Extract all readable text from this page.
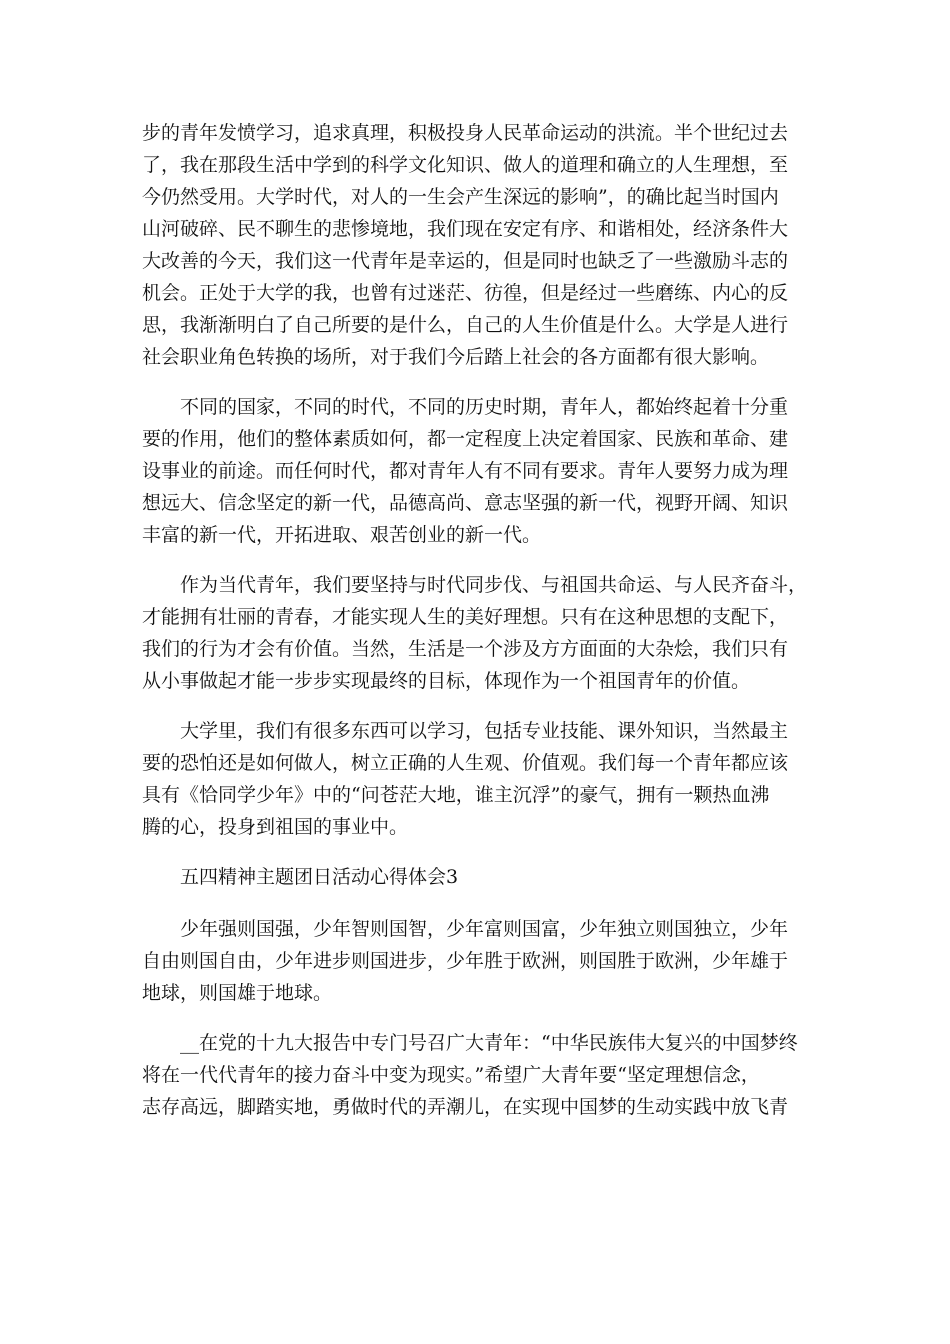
步的青年发愤学习，追求真理，积极投身人民革命运动的洪流。半个世纪过去
了，我在那段生活中学到的科学文化知识、做人的道理和确立的人生理想，至
今仍然受用。大学时代，对人的一生会产生深远的影响”，的确比起当时国内
山河破碎、民不聊生的悲惨境地，我们现在安定有序、和谐相处，经济条件大
大改善的今天，我们这一代青年是幸运的，但是同时也缺乏了一些激励斗志的
机会。正处于大学的我，也曾有过迷茫、彷徨，但是经过一些磨练、内心的反
思，我渐渐明白了自己所要的是什么，自己的人生价值是什么。大学是人进行
社会职业角色转换的场所，对于我们今后踏上社会的各方面都有很大影响。
不同的国家，不同的时代，不同的历史时期，青年人，都始终起着十分重
要的作用，他们的整体素质如何，都一定程度上决定着国家、民族和革命、建
设事业的前途。而任何时代，都对青年人有不同有要求。青年人要努力成为理
想远大、信念坚定的新一代，品德高尚、意志坚强的新一代，视野开阔、知识
丰富的新一代，开拓进取、艰苦创业的新一代。
作为当代青年，我们要坚持与时代同步伐、与祖国共命运、与人民齐奋斗，
才能拥有壮丽的青春，才能实现人生的美好理想。只有在这种思想的支配下，
我们的行为才会有价值。当然，生活是一个涉及方方面面的大杂烩，我们只有
从小事做起才能一步步实现最终的目标，体现作为一个祖国青年的价值。
大学里，我们有很多东西可以学习，包括专业技能、课外知识，当然最主
要的恐怕还是如何做人，树立正确的人生观、价值观。我们每一个青年都应该
具有《恰同学少年》中的“问苍茫大地，谁主沉浮”的豪气，拥有一颗热血沸
腾的心，投身到祖国的事业中。
五四精神主题团日活动心得体会3
少年强则国强，少年智则国智，少年富则国富，少年独立则国独立，少年
自由则国自由，少年进步则国进步，少年胜于欧洲，则国胜于欧洲，少年雄于
地球，则国雄于地球。
__在党的十九大报告中专门号召广大青年：“中华民族伟大复兴的中国梦终
将在一代代青年的接力奋斗中变为现实。”希望广大青年要“坚定理想信念，
志存高远，脚踏实地，勇做时代的弄潮儿，在实现中国梦的生动实践中放飞青
